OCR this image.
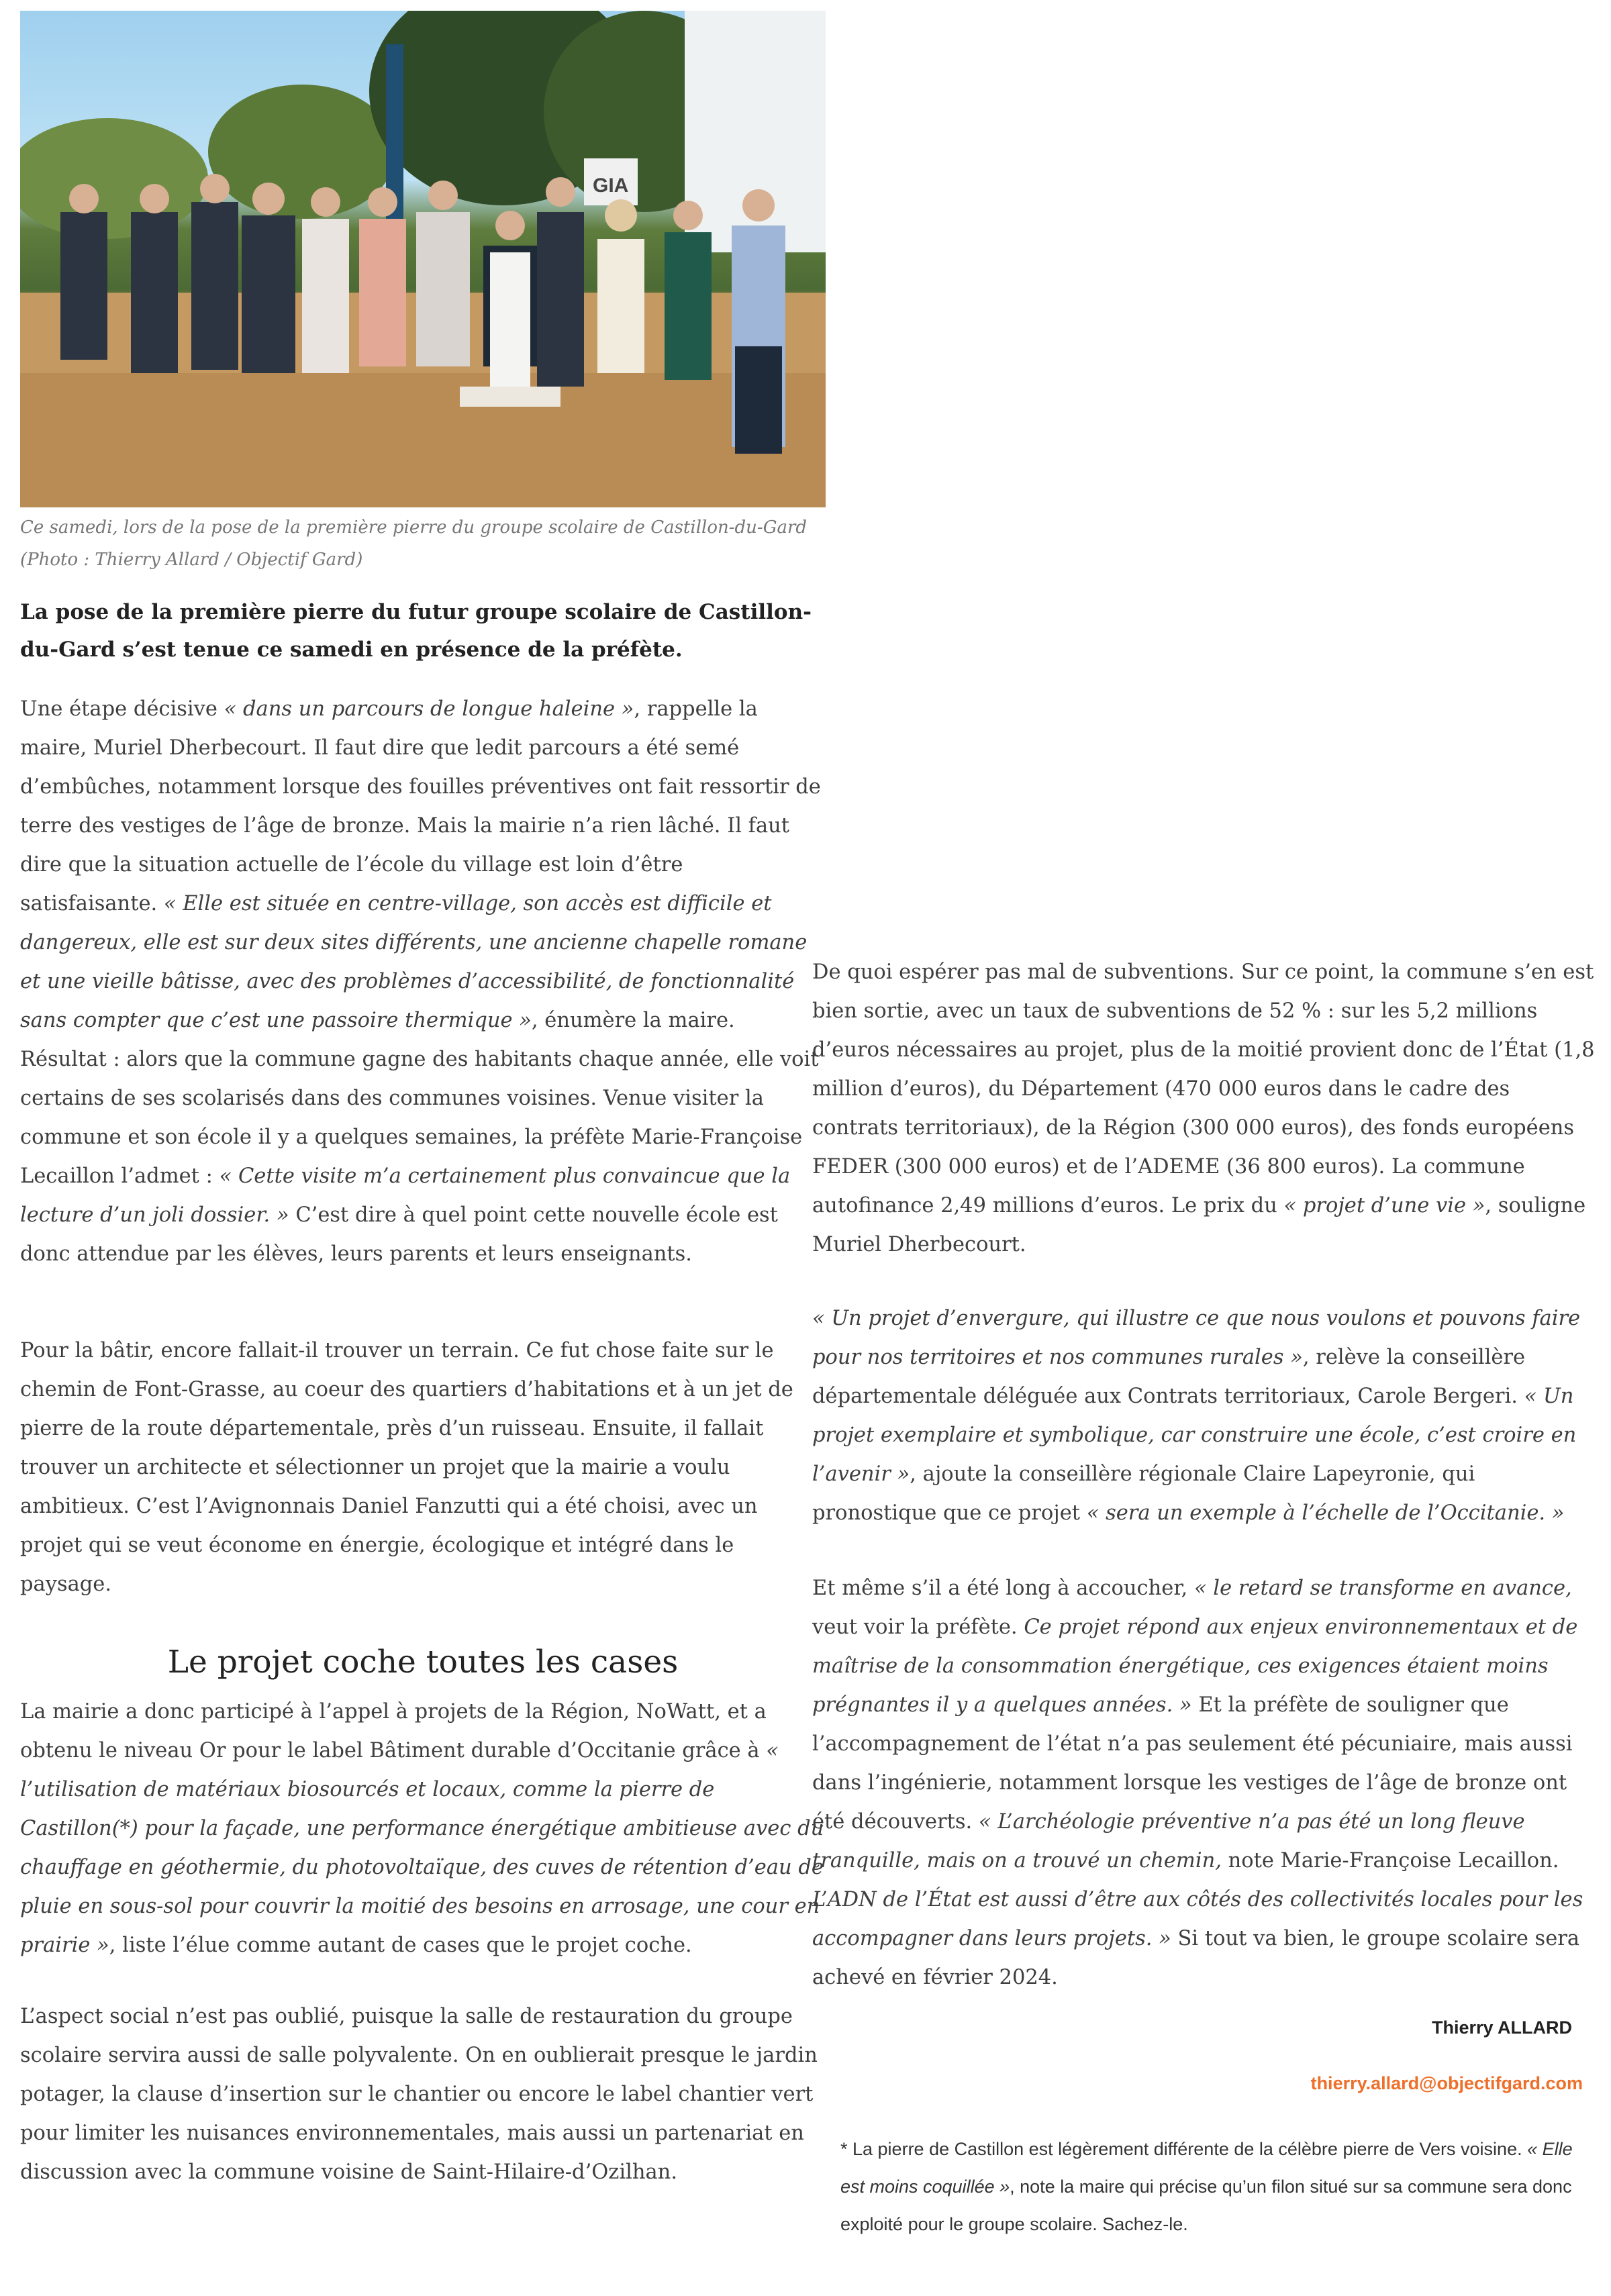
GIA
Ce samedi, lors de la pose de la première pierre du groupe scolaire de Castillon-du-Gard
(Photo : Thierry Allard / Objectif Gard)
La pose de la première pierre du futur groupe scolaire de Castillon-du-Gard s’est tenue ce samedi en présence de la préfète.

Une étape décisive « dans un parcours de longue haleine », rappelle la maire, Muriel Dherbecourt. Il faut dire que ledit parcours a été semé d’embûches, notamment lorsque des fouilles préventives ont fait ressortir de terre des vestiges de l’âge de bronze. Mais la mairie n’a rien lâché. Il faut dire que la situation actuelle de l’école du village est loin d’être satisfaisante. « Elle est située en centre-village, son accès est difficile et dangereux, elle est sur deux sites différents, une ancienne chapelle romane et une vieille bâtisse, avec des problèmes d’accessibilité, de fonctionnalité sans compter que c’est une passoire thermique », énumère la maire.

Résultat : alors que la commune gagne des habitants chaque année, elle voit certains de ses scolarisés dans des communes voisines. Venue visiter la commune et son école il y a quelques semaines, la préfète Marie-Françoise Lecaillon l’admet : « Cette visite m’a certainement plus convaincue que la lecture d’un joli dossier. » C’est dire à quel point cette nouvelle école est donc attendue par les élèves, leurs parents et leurs enseignants.

Pour la bâtir, encore fallait-il trouver un terrain. Ce fut chose faite sur le chemin de Font-Grasse, au coeur des quartiers d’habitations et à un jet de pierre de la route départementale, près d’un ruisseau. Ensuite, il fallait trouver un architecte et sélectionner un projet que la mairie a voulu ambitieux. C’est l’Avignonnais Daniel Fanzutti qui a été choisi, avec un projet qui se veut économe en énergie, écologique et intégré dans le paysage.

Le projet coche toutes les cases

La mairie a donc participé à l’appel à projets de la Région, NoWatt, et a obtenu le niveau Or pour le label Bâtiment durable d’Occitanie grâce à « l’utilisation de matériaux biosourcés et locaux, comme la pierre de Castillon(*) pour la façade, une performance énergétique ambitieuse avec du chauffage en géothermie, du photovoltaïque, des cuves de rétention d’eau de pluie en sous-sol pour couvrir la moitié des besoins en arrosage, une cour en prairie », liste l’élue comme autant de cases que le projet coche.

L’aspect social n’est pas oublié, puisque la salle de restauration du groupe scolaire servira aussi de salle polyvalente. On en oublierait presque le jardin potager, la clause d’insertion sur le chantier ou encore le label chantier vert pour limiter les nuisances environnementales, mais aussi un partenariat en discussion avec la commune voisine de Saint-Hilaire-d’Ozilhan.

De quoi espérer pas mal de subventions. Sur ce point, la commune s’en est bien sortie, avec un taux de subventions de 52 % : sur les 5,2 millions d’euros nécessaires au projet, plus de la moitié provient donc de l’État (1,8 million d’euros), du Département (470 000 euros dans le cadre des contrats territoriaux), de la Région (300 000 euros), des fonds européens FEDER (300 000 euros) et de l’ADEME (36 800 euros). La commune autofinance 2,49 millions d’euros. Le prix du « projet d’une vie », souligne Muriel Dherbecourt.

« Un projet d’envergure, qui illustre ce que nous voulons et pouvons faire pour nos territoires et nos communes rurales », relève la conseillère départementale déléguée aux Contrats territoriaux, Carole Bergeri. « Un projet exemplaire et symbolique, car construire une école, c’est croire en l’avenir », ajoute la conseillère régionale Claire Lapeyronie, qui pronostique que ce projet « sera un exemple à l’échelle de l’Occitanie. »

Et même s’il a été long à accoucher, « le retard se transforme en avance, veut voir la préfète. Ce projet répond aux enjeux environnementaux et de maîtrise de la consommation énergétique, ces exigences étaient moins prégnantes il y a quelques années. » Et la préfète de souligner que l’accompagnement de l’état n’a pas seulement été pécuniaire, mais aussi dans l’ingénierie, notamment lorsque les vestiges de l’âge de bronze ont été découverts. « L’archéologie préventive n’a pas été un long fleuve tranquille, mais on a trouvé un chemin, note Marie-Françoise Lecaillon. L’ADN de l’État est aussi d’être aux côtés des collectivités locales pour les accompagner dans leurs projets. » Si tout va bien, le groupe scolaire sera achevé en février 2024.

Thierry ALLARD
thierry.allard@objectifgard.com
* La pierre de Castillon est légèrement différente de la célèbre pierre de Vers voisine. « Elle est moins coquillée », note la maire qui précise qu’un filon situé sur sa commune sera donc exploité pour le groupe scolaire. Sachez-le.
